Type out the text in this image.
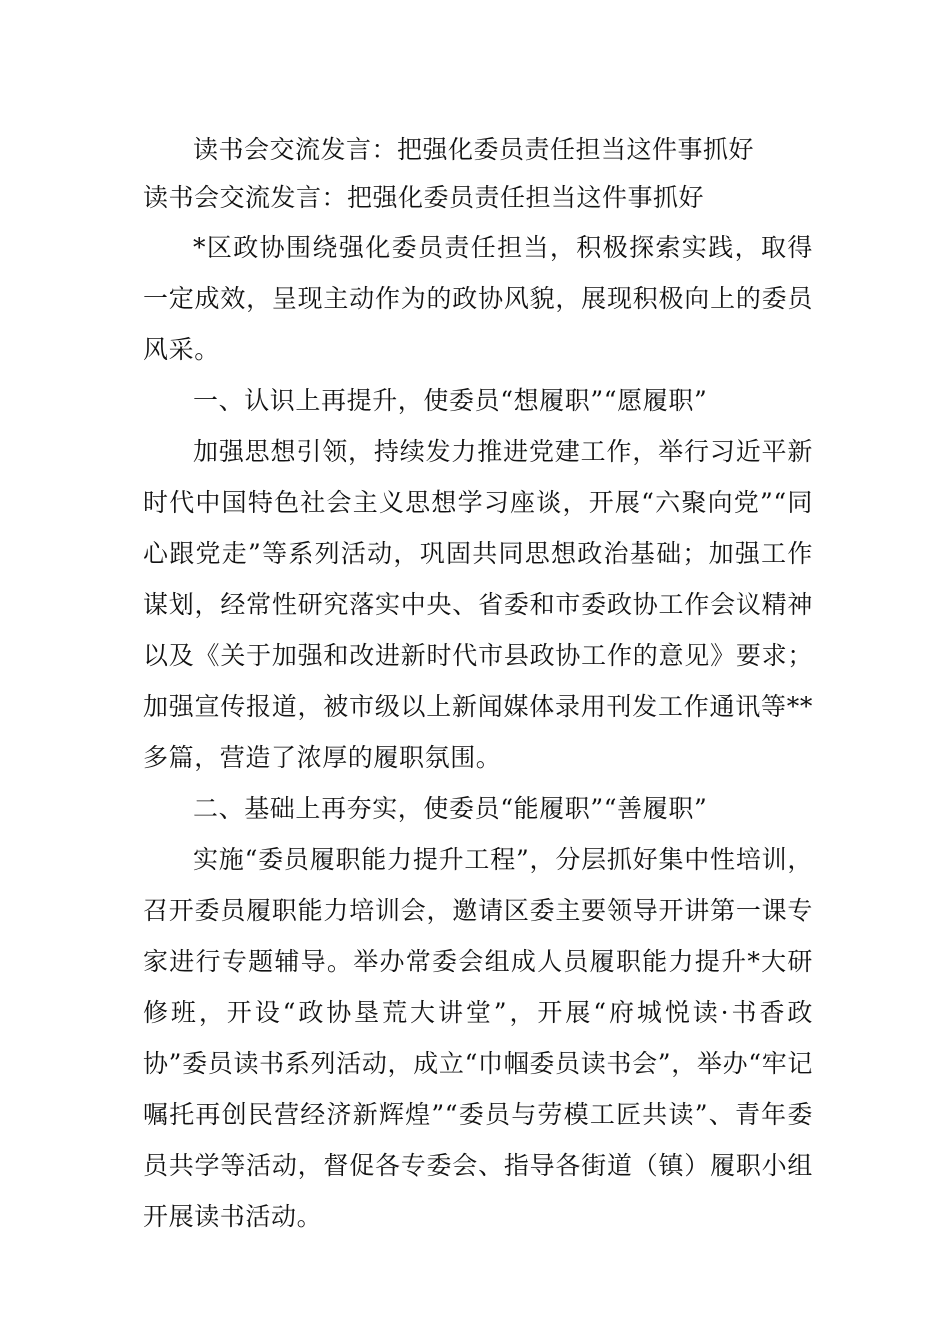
读书会交流发言：把强化委员责任担当这件事抓好
读书会交流发言：把强化委员责任担当这件事抓好

*区政协围绕强化委员责任担当，积极探索实践，取得一定成效，呈现主动作为的政协风貌，展现积极向上的委员风采。

一、认识上再提升，使委员“想履职”“愿履职”

加强思想引领，持续发力推进党建工作，举行习近平新时代中国特色社会主义思想学习座谈，开展“六聚向党”“同心跟党走”等系列活动，巩固共同思想政治基础；加强工作谋划，经常性研究落实中央、省委和市委政协工作会议精神以及《关于加强和改进新时代市县政协工作的意见》要求；加强宣传报道，被市级以上新闻媒体录用刊发工作通讯等**多篇，营造了浓厚的履职氛围。

二、基础上再夯实，使委员“能履职”“善履职”

实施“委员履职能力提升工程”，分层抓好集中性培训，召开委员履职能力培训会，邀请区委主要领导开讲第一课专家进行专题辅导。举办常委会组成人员履职能力提升*大研修班，开设“政协垦荒大讲堂”，开展“府城悦读·书香政协”委员读书系列活动，成立“巾帼委员读书会”，举办“牢记嘱托再创民营经济新辉煌”“委员与劳模工匠共读”、青年委员共学等活动，督促各专委会、指导各街道（镇）履职小组开展读书活动。
